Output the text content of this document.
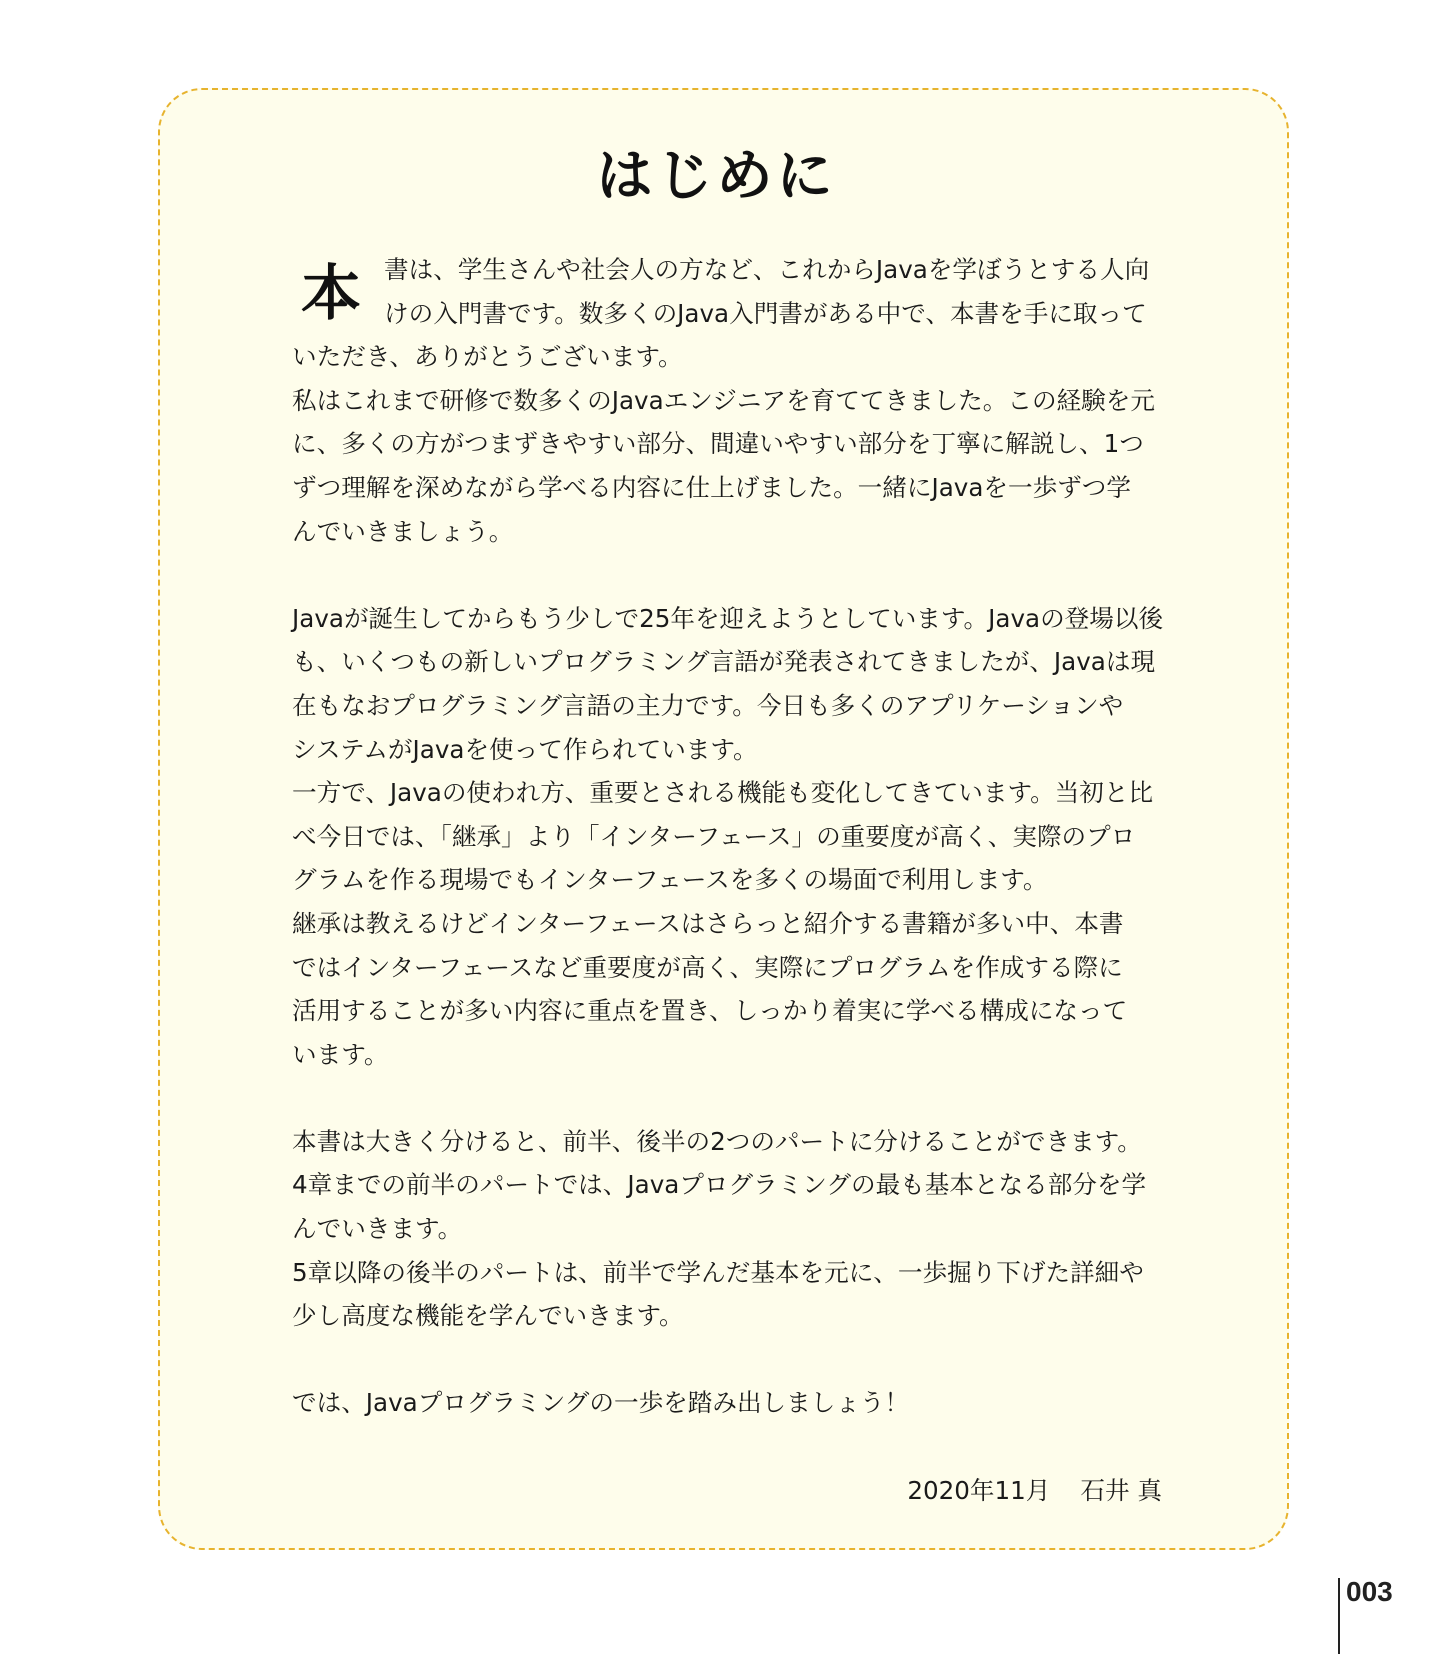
はじめに
本 書は、学生さんや社会人の方など、これからJavaを学ぼうとする人向
けの入門書です。数多くのJava入門書がある中で、本書を手に取って
いただき、ありがとうございます。
私はこれまで研修で数多くのJavaエンジニアを育ててきました。この経験を元
に、多くの方がつまずきやすい部分、間違いやすい部分を丁寧に解説し、1つ
ずつ理解を深めながら学べる内容に仕上げました。一緒にJavaを一歩ずつ学
んでいきましょう。
Javaが誕生してからもう少しで25年を迎えようとしています。Javaの登場以後
も、いくつもの新しいプログラミング言語が発表されてきましたが、Javaは現
在もなおプログラミング言語の主力です。今日も多くのアプリケーションや
システムがJavaを使って作られています。
一方で、Javaの使われ方、重要とされる機能も変化してきています。当初と比
べ今日では、「継承」より「インターフェース」の重要度が高く、実際のプロ
グラムを作る現場でもインターフェースを多くの場面で利用します。
継承は教えるけどインターフェースはさらっと紹介する書籍が多い中、本書
ではインターフェースなど重要度が高く、実際にプログラムを作成する際に
活用することが多い内容に重点を置き、しっかり着実に学べる構成になって
います。
本書は大きく分けると、前半、後半の2つのパートに分けることができます。
4章までの前半のパートでは、Javaプログラミングの最も基本となる部分を学
んでいきます。
5章以降の後半のパートは、前半で学んだ基本を元に、一歩掘り下げた詳細や
少し高度な機能を学んでいきます。
では、Javaプログラミングの一歩を踏み出しましょう！
2020年11月 石井 真
003
